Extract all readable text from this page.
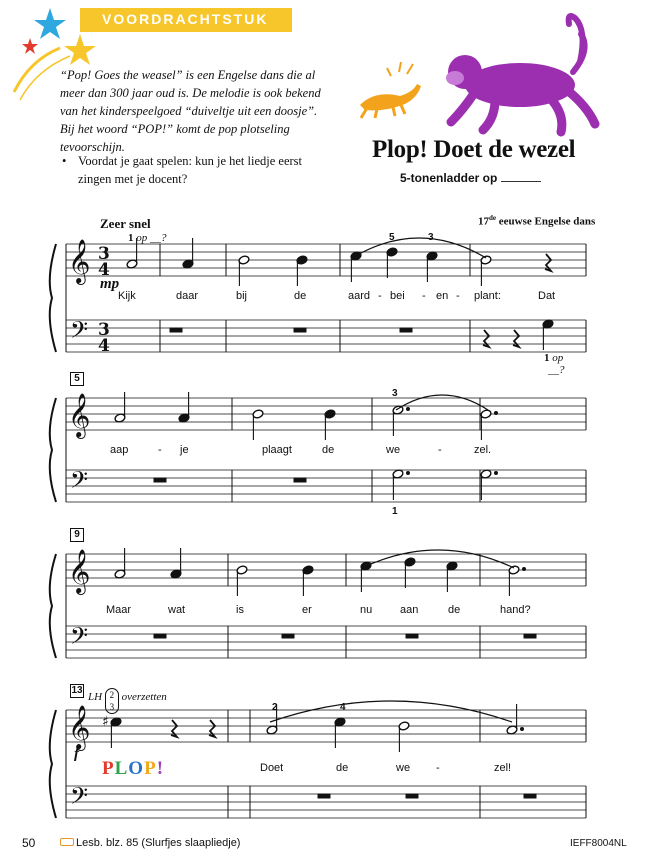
VOORDRACHTSTUK
“Pop! Goes the weasel” is een Engelse dans die al meer dan 300 jaar oud is. De melodie is ook bekend van het kinderspeelgoed “duiveltje uit een doosje”. Bij het woord “POP!” komt de pop plotseling tevoorschijn.
• Voordat je gaat spelen: kun je het liedje eerst zingen met je docent?
Plop! Doet de wezel
5-tonenladder op
Zeer snel	17de eeuwse Engelse dans
𝄞
𝄢
3
4
3
4
𝄞
𝄢
𝄞
𝄢
𝄞
𝄢
♯
1 op __?
mp
1 op
__?
LH 2
3 overzetten
f
5
9
13
5	3
3
1
2	4
Kijk	daar	bij	de	aard - bei - en - plant:	Dat
aap	- je	plaagt	de	we	-	zel.
Maar	wat	is	er	nu	aan	de	hand?
Doet	de	we -	zel!
PLOP!
50	Lesb. blz. 85 (Slurfjes slaapliedje)	IEFF8004NL
